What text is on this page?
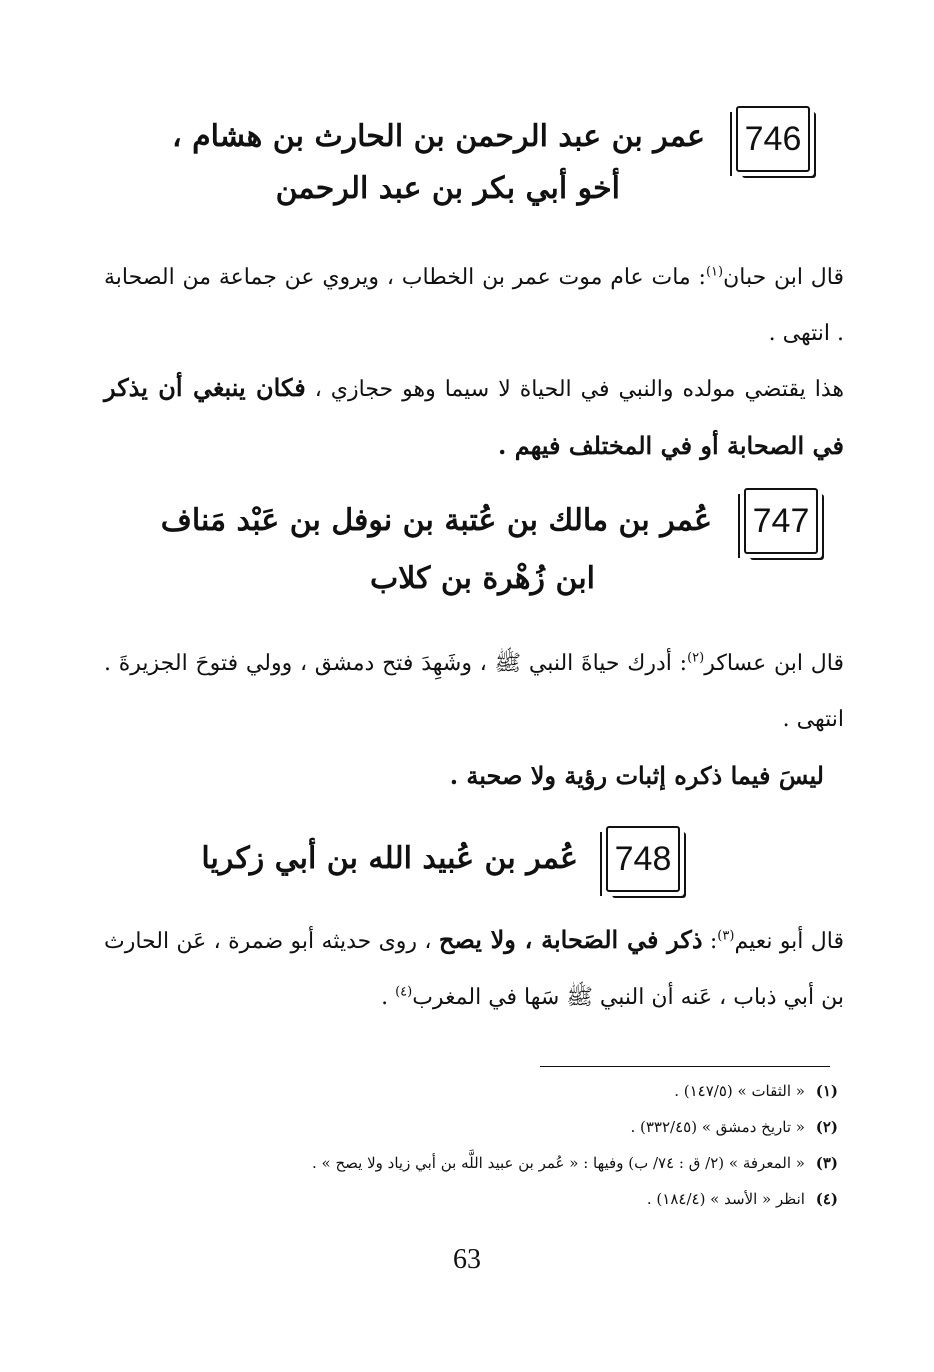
746
عمر بن عبد الرحمن بن الحارث بن هشام ،
أخو أبي بكر بن عبد الرحمن
قال ابن حبان$^{(١)}$: مات عام موت عمر بن الخطاب ، ويروي عن جماعة من الصحابة . انتهى .
هذا يقتضي مولده والنبي في الحياة لا سيما وهو حجازي ، فكان ينبغي أن يذكر في الصحابة أو في المختلف فيهم .
747
عُمر بن مالك بن عُتبة بن نوفل بن عَبْد مَناف
ابن زُهْرة بن كلاب
قال ابن عساكر$^{(٢)}$: أدرك حياةَ النبي ﷺ ، وشَهِدَ فتح دمشق ، وولي فتوحَ الجزيرةَ . انتهى .
ليسَ فيما ذكره إثبات رؤية ولا صحبة .
748
عُمر بن عُبيد الله بن أبي زكريا
قال أبو نعيم$^{(٣)}$: ذكر في الصَحابة ، ولا يصح ، روى حديثه أبو ضمرة ، عَن الحارث بن أبي ذباب ، عَنه أن النبي ﷺ سَها في المغرب$^{(٤)}$ .
(١) « الثقات » (١٤٧/٥) .
(٢) « تاريخ دمشق » (٣٣٢/٤٥) .
(٣) « المعرفة » (٢/ ق : ٧٤/ ب) وفيها : « عُمر بن عبيد اللَّه بن أبي زياد ولا يصح » .
(٤) انظر « الأسد » (١٨٤/٤) .
63
